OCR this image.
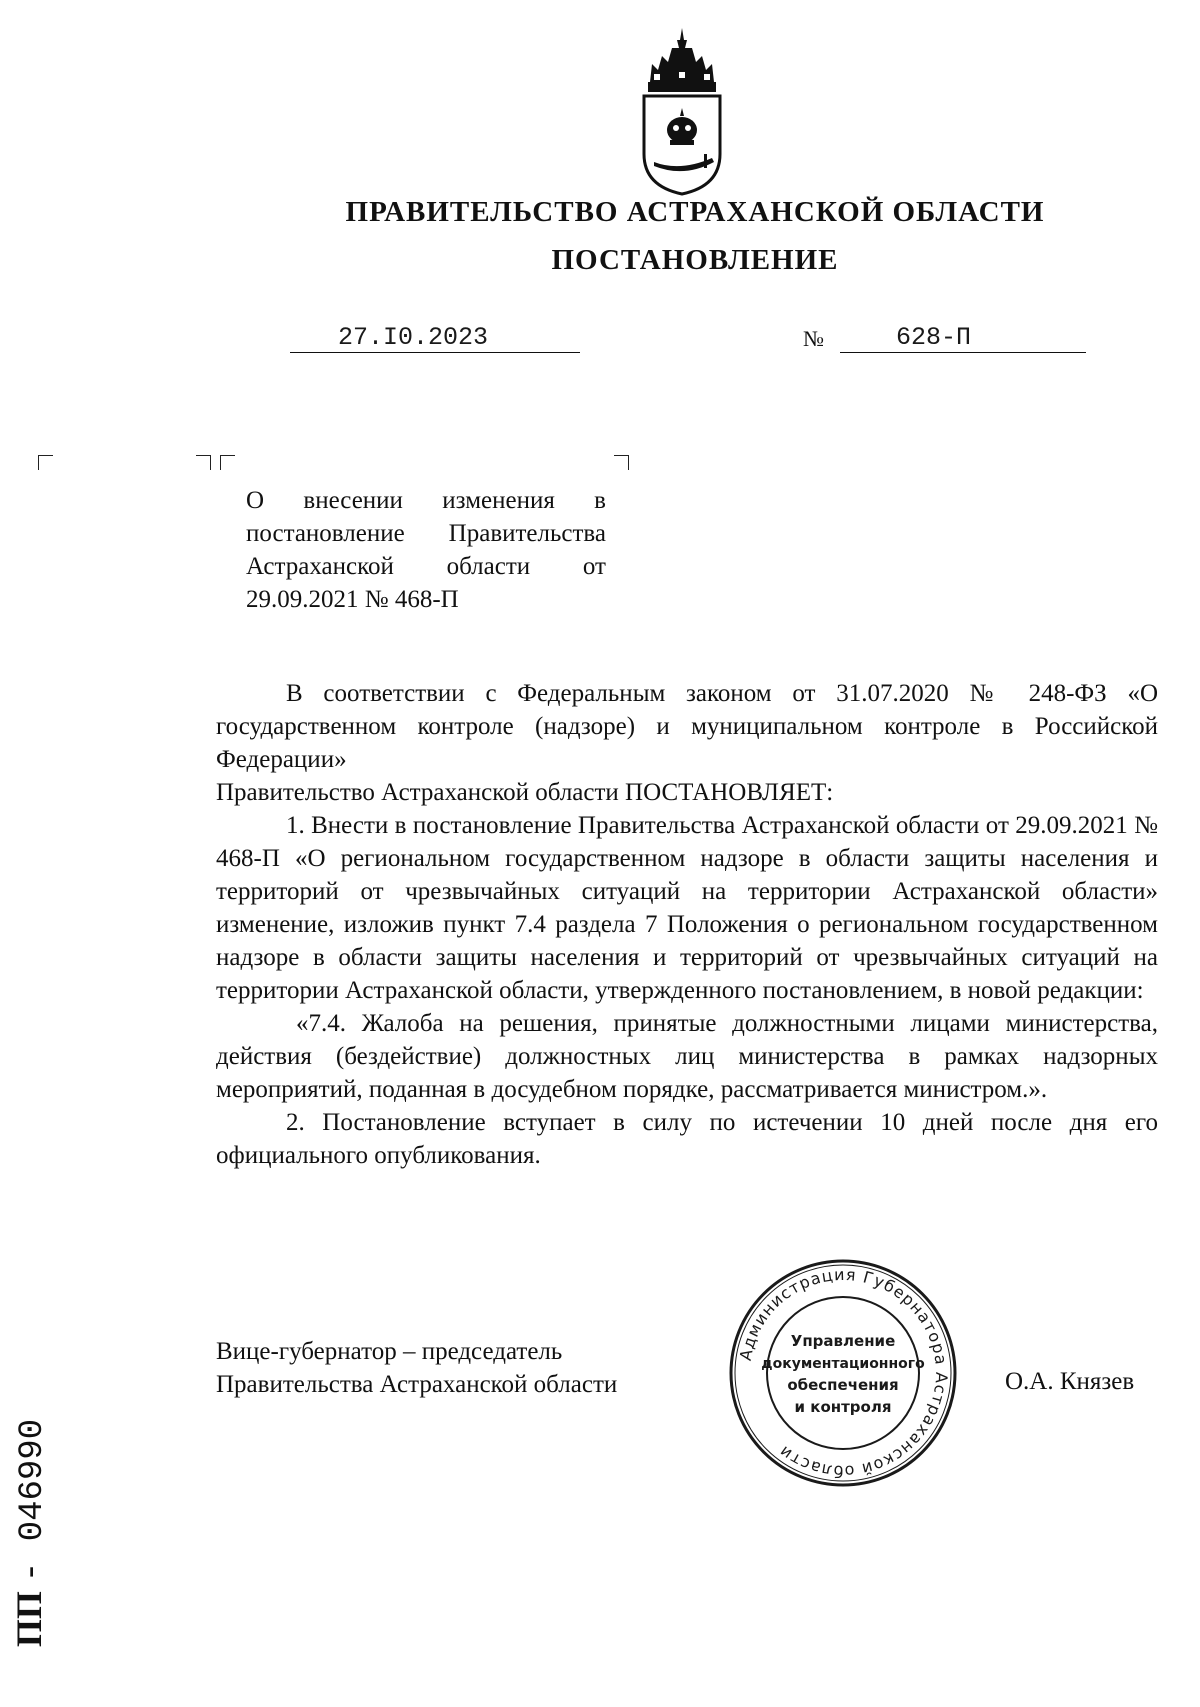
ПРАВИТЕЛЬСТВО АСТРАХАНСКОЙ ОБЛАСТИ
ПОСТАНОВЛЕНИЕ
27.I0.2023	№	628-П
О внесении изменения в постановление Правительства Астраханской области от 29.09.2021 № 468-П

В соответствии с Федеральным законом от 31.07.2020 № 248-ФЗ «О государственном контроле (надзоре) и муниципальном контроле в Российской Федерации»

Правительство Астраханской области ПОСТАНОВЛЯЕТ:

1. Внести в постановление Правительства Астраханской области от 29.09.2021 № 468-П «О региональном государственном надзоре в области защиты населения и территорий от чрезвычайных ситуаций на территории Астраханской области» изменение, изложив пункт 7.4 раздела 7 Положения о региональном государственном надзоре в области защиты населения и территорий от чрезвычайных ситуаций на территории Астраханской области, утвержденного постановлением, в новой редакции:

«7.4. Жалоба на решения, принятые должностными лицами министерства, действия (бездействие) должностных лиц министерства в рамках надзорных мероприятий, поданная в досудебном порядке, рассматривается министром.».

2. Постановление вступает в силу по истечении 10 дней после дня его официального опубликования.

Вице-губернатор – председатель
Правительства Астраханской области
Администрация Губернатора Астраханской области
Управление
документационного
обеспечения
и контроля
О.А. Князев
ПП - 046990
